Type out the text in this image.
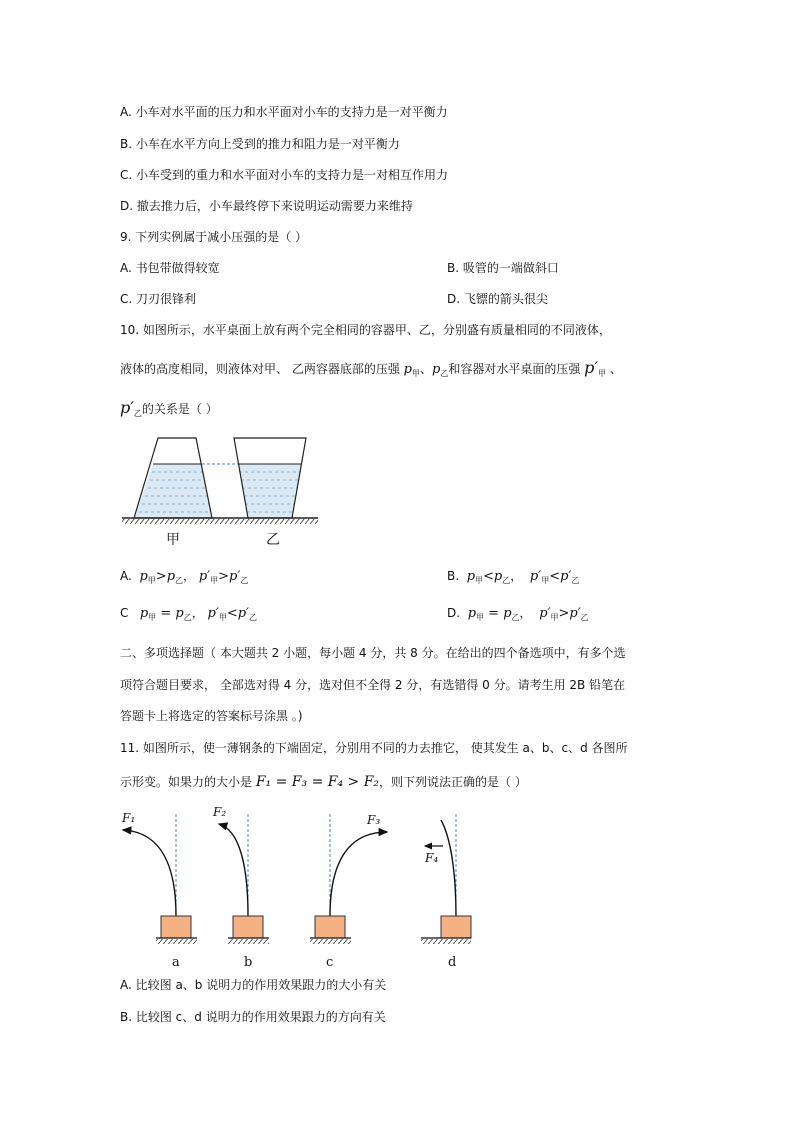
A. 小车对水平面的压力和水平面对小车的支持力是一对平衡力
B. 小车在水平方向上受到的推力和阻力是一对平衡力
C. 小车受到的重力和水平面对小车的支持力是一对相互作用力
D. 撤去推力后，小车最终停下来说明运动需要力来维持
9. 下列实例属于减小压强的是（ ）
A. 书包带做得较宽	B. 吸管的一端做斜口
C. 刀刃很锋利	D. 飞镖的箭头很尖
10. 如图所示，水平桌面上放有两个完全相同的容器甲、乙，分别盛有质量相同的不同液体，
液体的高度相同，则液体对甲、 乙两容器底部的压强 $p_甲$、$p_乙$和容器对水平桌面的压强 $p'_甲$ 、
$p'_乙$的关系是（ ）
甲	乙
A. $p_甲>p_乙$， $p'_甲>p'_乙$	B. $p_甲<p_乙$， $p'_甲<p'_乙$
C $p_甲 = p_乙$， $p'_甲<p'_乙$	D. $p_甲 = p_乙$， $p'_甲>p'_乙$
二、多项选择题（ 本大题共 2 小题，每小题 4 分，共 8 分。在给出的四个备选项中，有多个选
项符合题目要求， 全部选对得 4 分，选对但不全得 2 分，有选错得 0 分。请考生用 2B 铅笔在
答题卡上将选定的答案标号涂黑 。)
11. 如图所示，使一薄钢条的下端固定，分别用不同的力去推它， 使其发生 a、b、c、d 各图所
示形变。如果力的大小是 F₁ = F₃ = F₄ > F₂，则下列说法正确的是（ ）
F₁
a
F₂
b
F₃
c
F₄
d
A. 比较图 a、b 说明力的作用效果跟力的大小有关
B. 比较图 c、d 说明力的作用效果跟力的方向有关
